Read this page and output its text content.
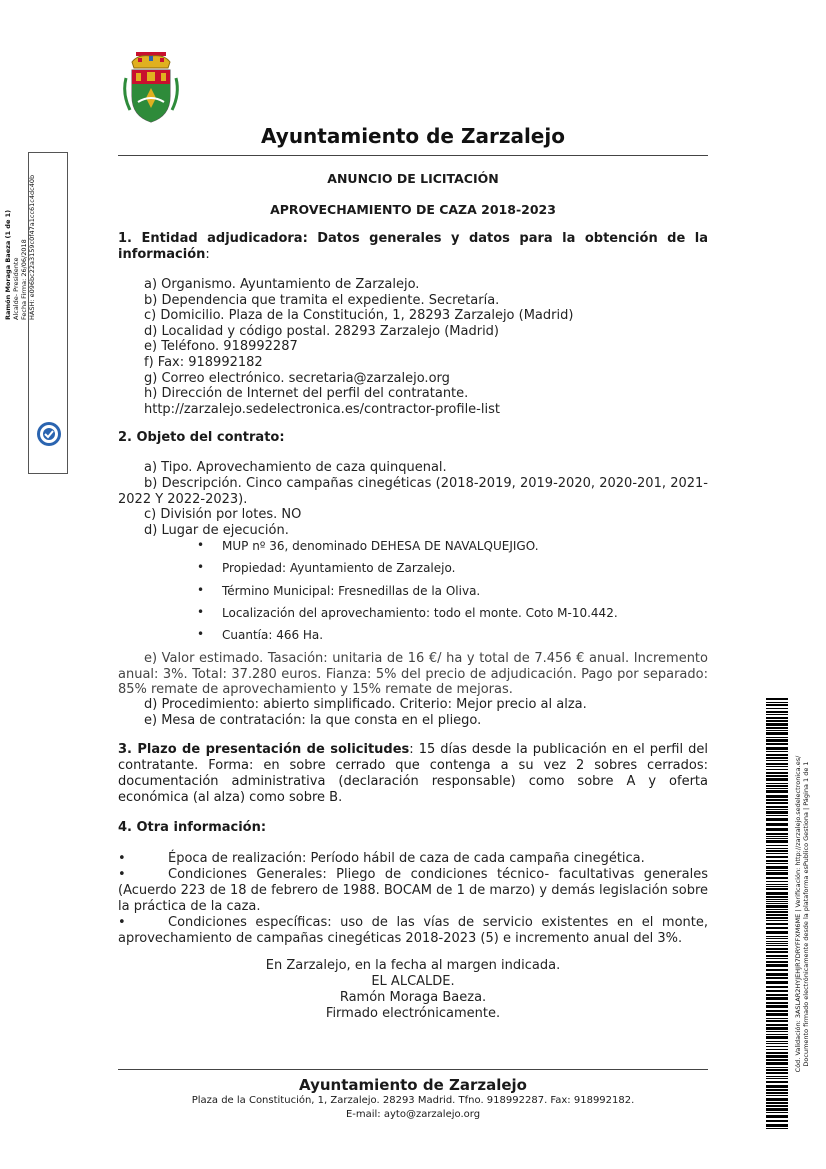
Ayuntamiento de Zarzalejo
Ramón Moraga Baeza (1 de 1) Alcalde- Presidente Fecha Firma: 26/06/2018 HASH: e096bc22a3159c0f47a1cc61c4dc40b	ANUNCIO DE LICITACIÓN
APROVECHAMIENTO DE CAZA 2018-2023
1. Entidad adjudicadora: Datos generales y datos para la obtención de la información:
a) Organismo. Ayuntamiento de Zarzalejo.
b) Dependencia que tramita el expediente. Secretaría.
c) Domicilio. Plaza de la Constitución, 1, 28293 Zarzalejo (Madrid)
d) Localidad y código postal. 28293 Zarzalejo (Madrid)
e) Teléfono. 918992287
f) Fax: 918992182
g) Correo electrónico. secretaria@zarzalejo.org
h) Dirección de Internet del perfil del contratante.
http://zarzalejo.sedelectronica.es/contractor-profile-list
2. Objeto del contrato:
a) Tipo. Aprovechamiento de caza quinquenal.
b) Descripción. Cinco campañas cinegéticas (2018-2019, 2019-2020, 2020-201, 2021-2022 Y 2022-2023).
c) División por lotes. NO
d) Lugar de ejecución.
• MUP nº 36, denominado DEHESA DE NAVALQUEJIGO.
• Propiedad: Ayuntamiento de Zarzalejo.
• Término Municipal: Fresnedillas de la Oliva.
• Localización del aprovechamiento: todo el monte. Coto M-10.442.
• Cuantía: 466 Ha.
e) Valor estimado. Tasación: unitaria de 16 €/ ha y total de 7.456 € anual. Incremento anual: 3%. Total: 37.280 euros. Fianza: 5% del precio de adjudicación. Pago por separado: 85% remate de aprovechamiento y 15% remate de mejoras.
d) Procedimiento: abierto simplificado. Criterio: Mejor precio al alza.
e) Mesa de contratación: la que consta en el pliego.
3. Plazo de presentación de solicitudes: 15 días desde la publicación en el perfil del contratante. Forma: en sobre cerrado que contenga a su vez 2 sobres cerrados: documentación administrativa (declaración responsable) como sobre A y oferta económica (al alza) como sobre B.
4. Otra información:
•	Época de realización: Período hábil de caza de cada campaña cinegética.
•	Condiciones Generales: Pliego de condiciones técnico- facultativas generales (Acuerdo 223 de 18 de febrero de 1988. BOCAM de 1 de marzo) y demás legislación sobre la práctica de la caza.
•	Condiciones específicas: uso de las vías de servicio existentes en el monte, aprovechamiento de campañas cinegéticas 2018-2023 (5) e incremento anual del 3%.
En Zarzalejo, en la fecha al margen indicada.
EL ALCALDE.
Ramón Moraga Baeza.
Firmado electrónicamente.
Ayuntamiento de Zarzalejo
Plaza de la Constitución, 1, Zarzalejo. 28293 Madrid. Tfno. 918992287. Fax: 918992182.
E-mail: ayto@zarzalejo.org
Cód. Validación: 3ASLAR2HYJEHJR7DRYFFXM6ME | Verificación: http://zarzalejo.sedelectronica.es/ Documento firmado electrónicamente desde la plataforma esPublico Gestiona | Página 1 de 1
